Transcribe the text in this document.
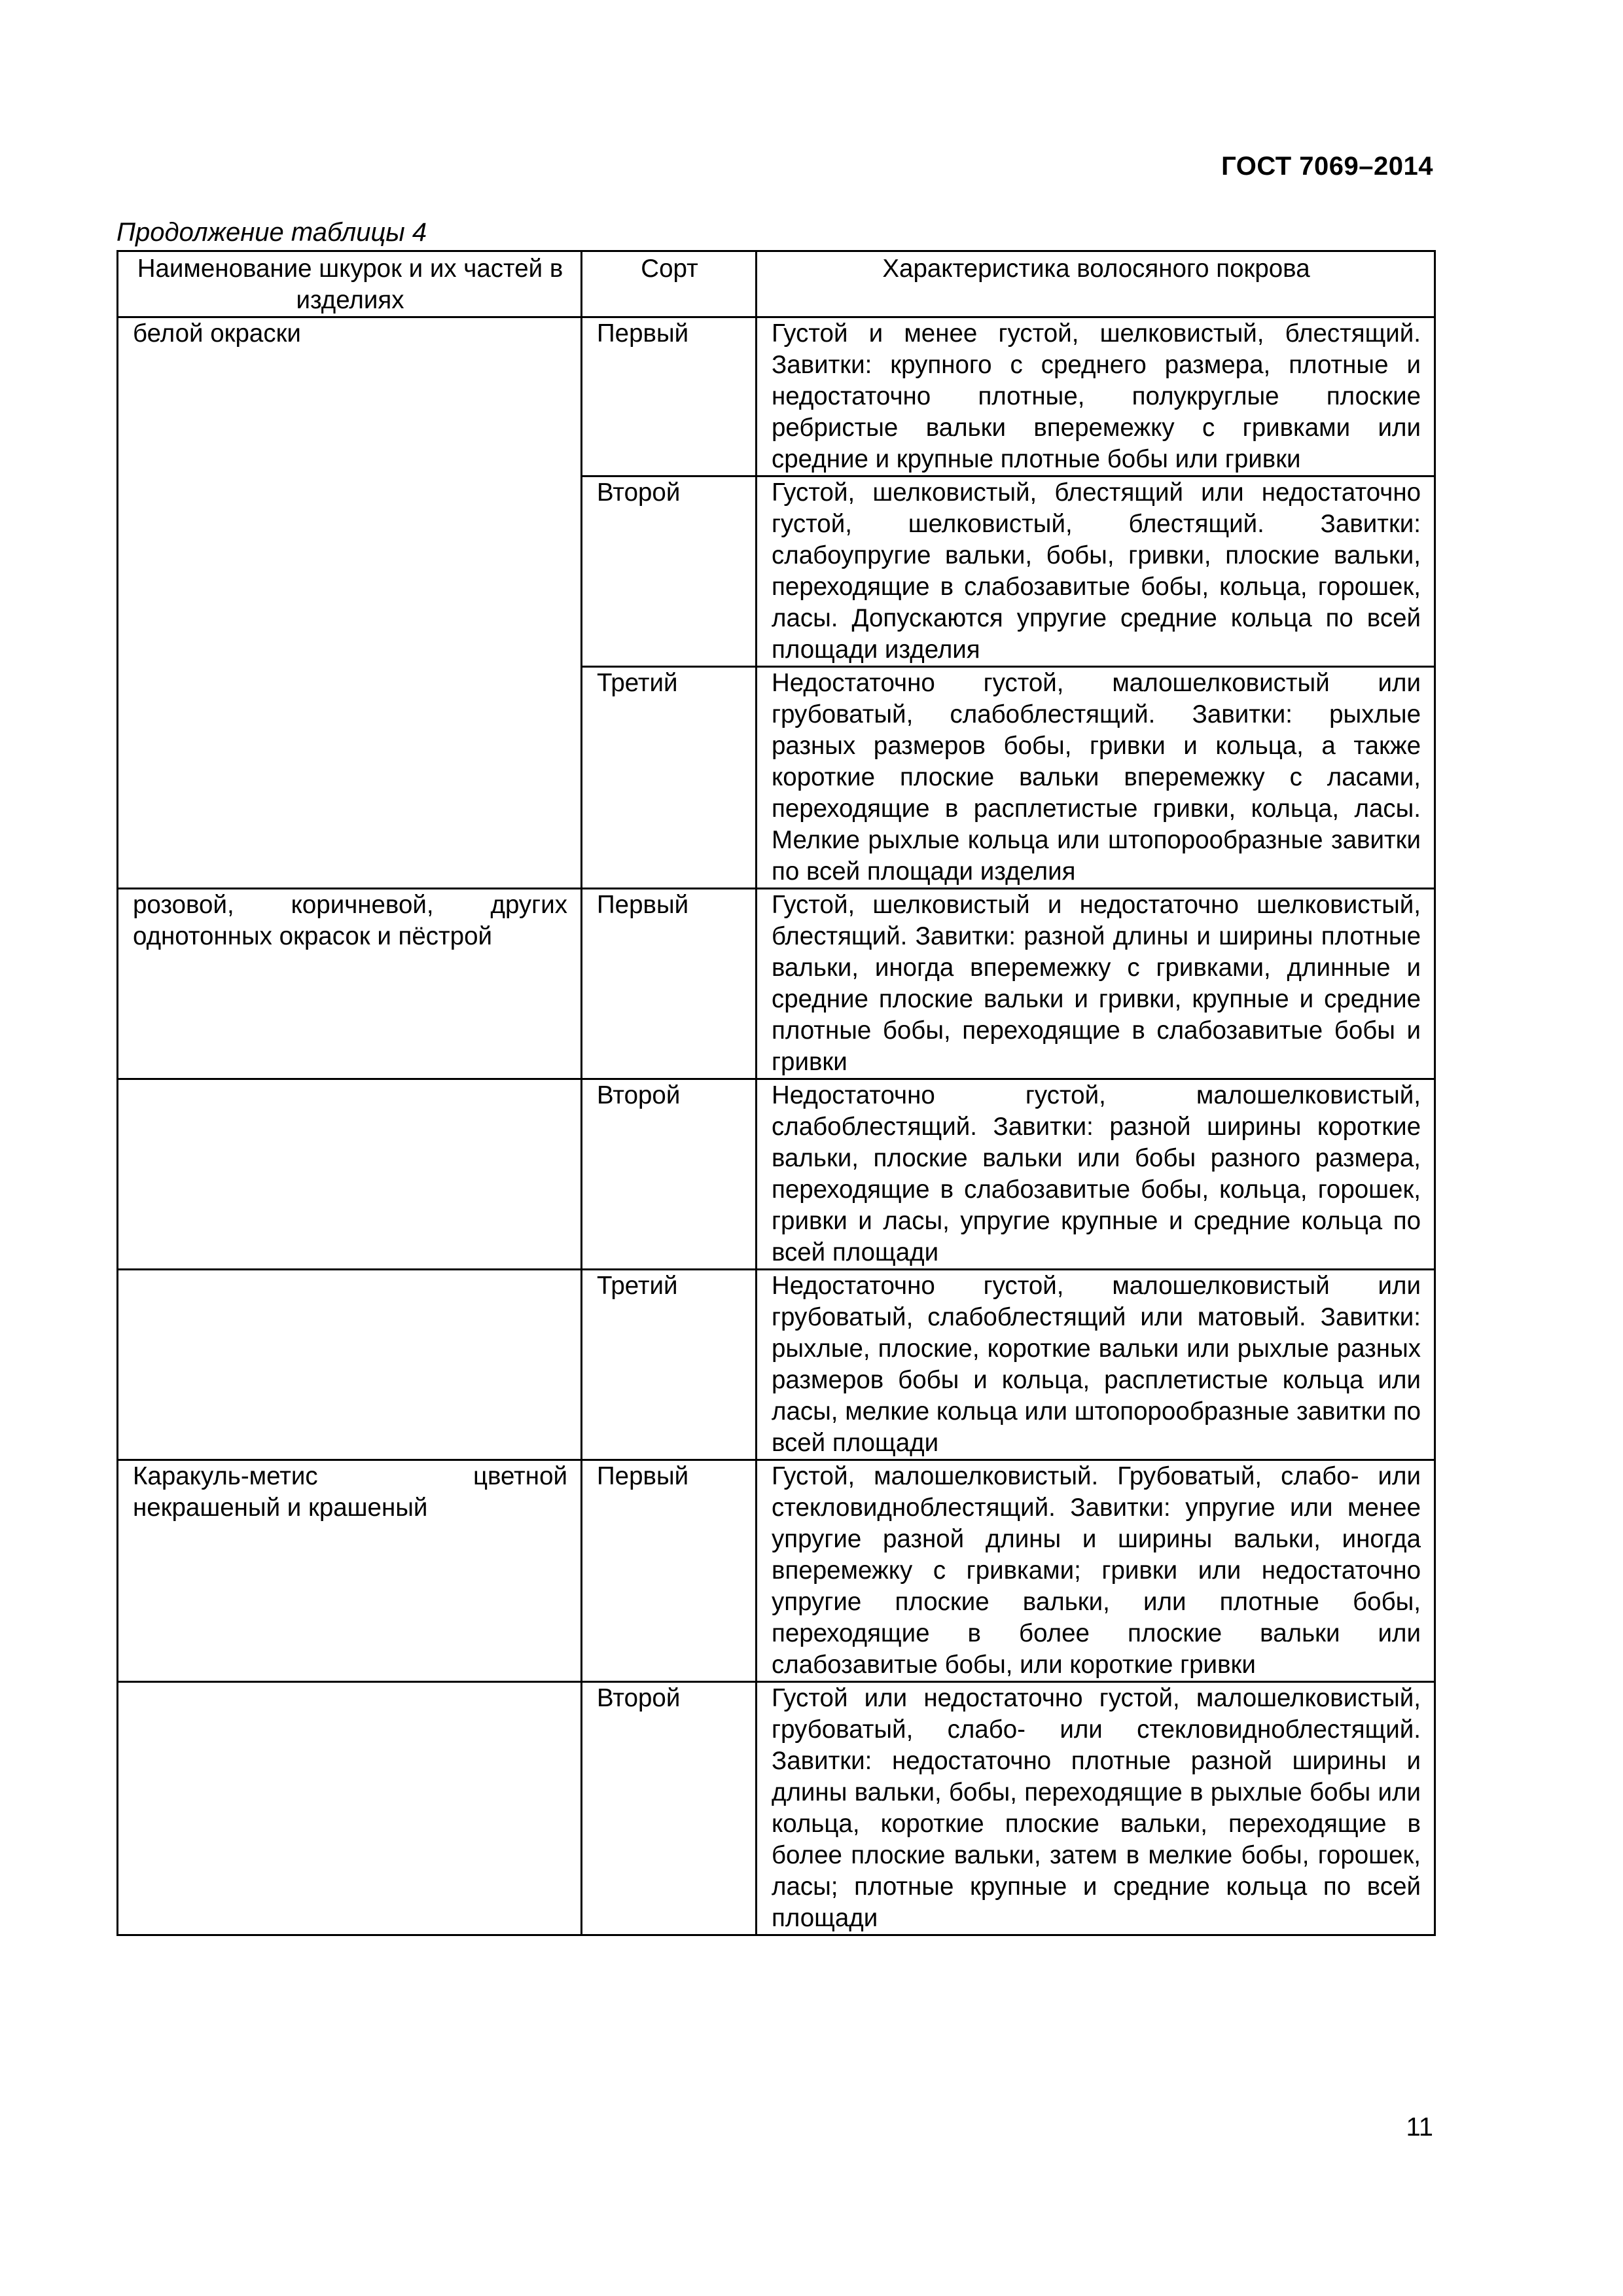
ГОСТ 7069–2014
Продолжение таблицы 4
Наименование шкурок и их частей в изделиях	Сорт	Характеристика волосяного покрова
белой окраски	Первый	Густой и менее густой, шелковистый, блестящий. Завитки: крупного с среднего размера, плотные и недостаточно плотные, полукруглые плоские ребристые вальки вперемежку с гривками или средние и крупные плотные бобы или гривки
	Второй	Густой, шелковистый, блестящий или недостаточно густой, шелковистый, блестящий. Завитки: слабоупругие вальки, бобы, гривки, плоские вальки, переходящие в слабозавитые бобы, кольца, горошек, ласы. Допускаются упругие средние кольца по всей площади изделия
	Третий	Недостаточно густой, малошелковистый или грубоватый, слабоблестящий. Завитки: рыхлые разных размеров бобы, гривки и кольца, а также короткие плоские вальки вперемежку с ласами, переходящие в расплетистые гривки, кольца, ласы. Мелкие рыхлые кольца или штопорообразные завитки по всей площади изделия
розовой, коричневой, других однотонных окрасок и пёстрой	Первый	Густой, шелковистый и недостаточно шелковистый, блестящий. Завитки: разной длины и ширины плотные вальки, иногда вперемежку с гривками, длинные и средние плоские вальки и гривки, крупные и средние плотные бобы, переходящие в слабозавитые бобы и гривки
	Второй	Недостаточно густой, малошелковистый, слабоблестящий. Завитки: разной ширины короткие вальки, плоские вальки или бобы разного размера, переходящие в слабозавитые бобы, кольца, горошек, гривки и ласы, упругие крупные и средние кольца по всей площади
	Третий	Недостаточно густой, малошелковистый или грубоватый, слабоблестящий или матовый. Завитки: рыхлые, плоские, короткие вальки или рыхлые разных размеров бобы и кольца, расплетистые кольца или ласы, мелкие кольца или штопорообразные завитки по всей площади
Каракуль-метис цветной некрашеный и крашеный	Первый	Густой, малошелковистый. Грубоватый, слабо- или стекловидноблестящий. Завитки: упругие или менее упругие разной длины и ширины вальки, иногда вперемежку с гривками; гривки или недостаточно упругие плоские вальки, или плотные бобы, переходящие в более плоские вальки или слабозавитые бобы, или короткие гривки
	Второй	Густой или недостаточно густой, малошелковистый, грубоватый, слабо- или стекловидноблестящий. Завитки: недостаточно плотные разной ширины и длины вальки, бобы, переходящие в рыхлые бобы или кольца, короткие плоские вальки, переходящие в более плоские вальки, затем в мелкие бобы, горошек, ласы; плотные крупные и средние кольца по всей площади
11
